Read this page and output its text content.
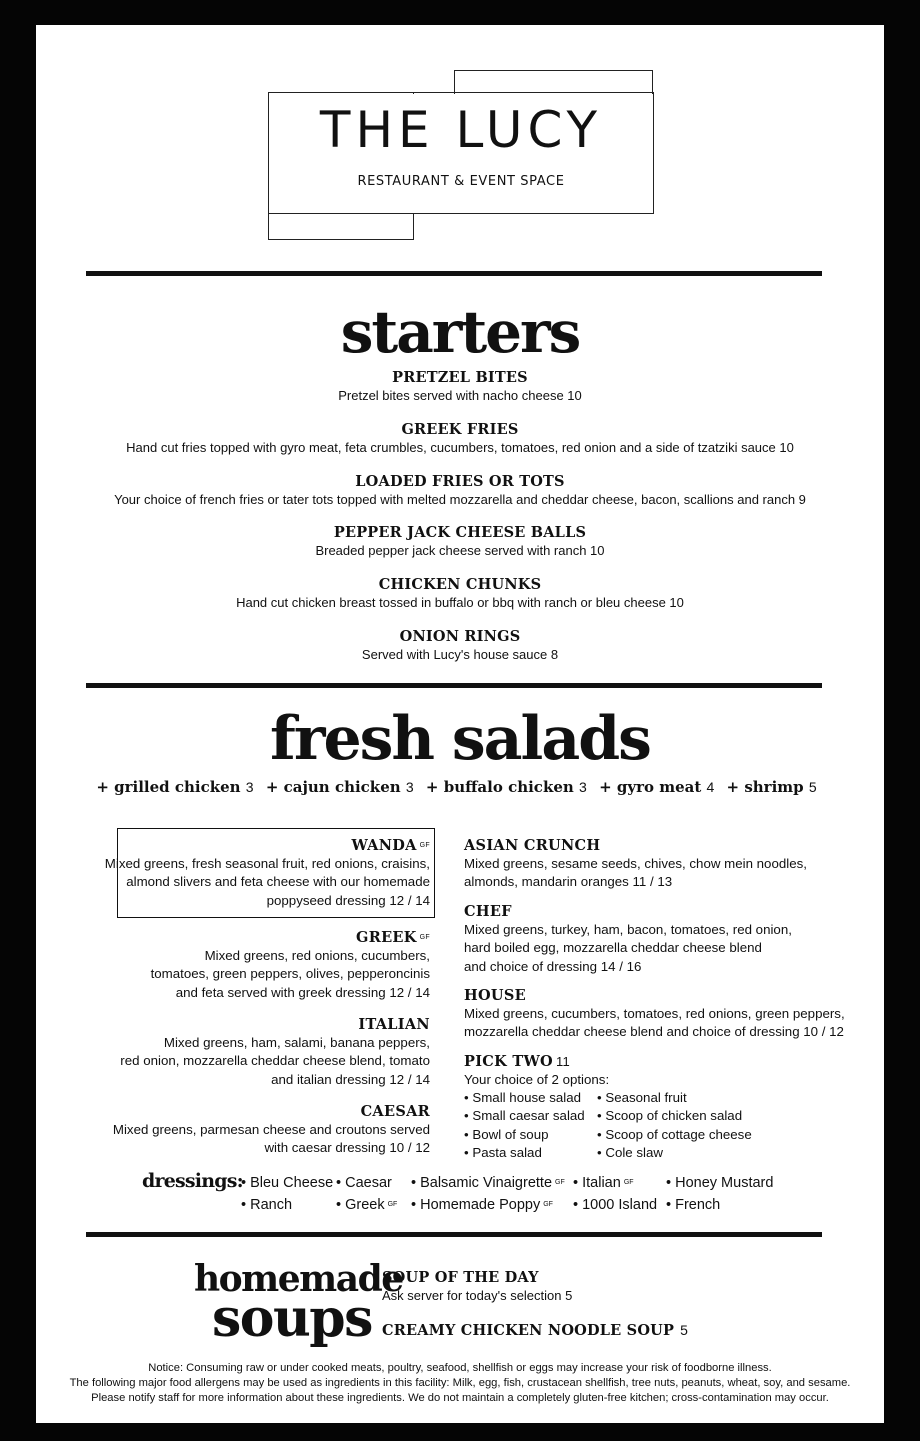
THE LUCY
RESTAURANT & EVENT SPACE
starters
PRETZEL BITES
Pretzel bites served with nacho cheese 10
GREEK FRIES
Hand cut fries topped with gyro meat, feta crumbles, cucumbers, tomatoes, red onion and a side of tzatziki sauce 10
LOADED FRIES OR TOTS
Your choice of french fries or tater tots topped with melted mozzarella and cheddar cheese, bacon, scallions and ranch 9
PEPPER JACK CHEESE BALLS
Breaded pepper jack cheese served with ranch 10
CHICKEN CHUNKS
Hand cut chicken breast tossed in buffalo or bbq with ranch or bleu cheese 10
ONION RINGS
Served with Lucy's house sauce 8
fresh salads
+ grilled chicken 3 + cajun chicken 3 + buffalo chicken 3 + gyro meat 4 + shrimp 5
WANDA $^{GF}$
Mixed greens, fresh seasonal fruit, red onions, craisins,
almond slivers and feta cheese with our homemade
poppyseed dressing 12 / 14
GREEK $^{GF}$
Mixed greens, red onions, cucumbers,
tomatoes, green peppers, olives, pepperoncinis
and feta served with greek dressing 12 / 14
ITALIAN
Mixed greens, ham, salami, banana peppers,
red onion, mozzarella cheddar cheese blend, tomato
and italian dressing 12 / 14
CAESAR
Mixed greens, parmesan cheese and croutons served
with caesar dressing 10 / 12
ASIAN CRUNCH
Mixed greens, sesame seeds, chives, chow mein noodles,
almonds, mandarin oranges 11 / 13
CHEF
Mixed greens, turkey, ham, bacon, tomatoes, red onion,
hard boiled egg, mozzarella cheddar cheese blend
and choice of dressing 14 / 16
HOUSE
Mixed greens, cucumbers, tomatoes, red onions, green peppers,
mozzarella cheddar cheese blend and choice of dressing 10 / 12
PICK TWO 11
Your choice of 2 options:
• Small house salad
• Small caesar salad
• Bowl of soup
• Pasta salad
• Seasonal fruit
• Scoop of chicken salad
• Scoop of cottage cheese
• Cole slaw
dressings:
• Bleu Cheese • Caesar • Balsamic Vinaigrette $^{GF}$ • Italian $^{GF}$ • Honey Mustard
• Ranch	• Greek $^{GF}$ • Homemade Poppy $^{GF}$ • 1000 Island • French
homemade
soups
SOUP OF THE DAY
Ask server for today's selection 5
CREAMY CHICKEN NOODLE SOUP 5
Notice: Consuming raw or under cooked meats, poultry, seafood, shellfish or eggs may increase your risk of foodborne illness.
The following major food allergens may be used as ingredients in this facility: Milk, egg, fish, crustacean shellfish, tree nuts, peanuts, wheat, soy, and sesame.
Please notify staff for more information about these ingredients. We do not maintain a completely gluten-free kitchen; cross-contamination may occur.
